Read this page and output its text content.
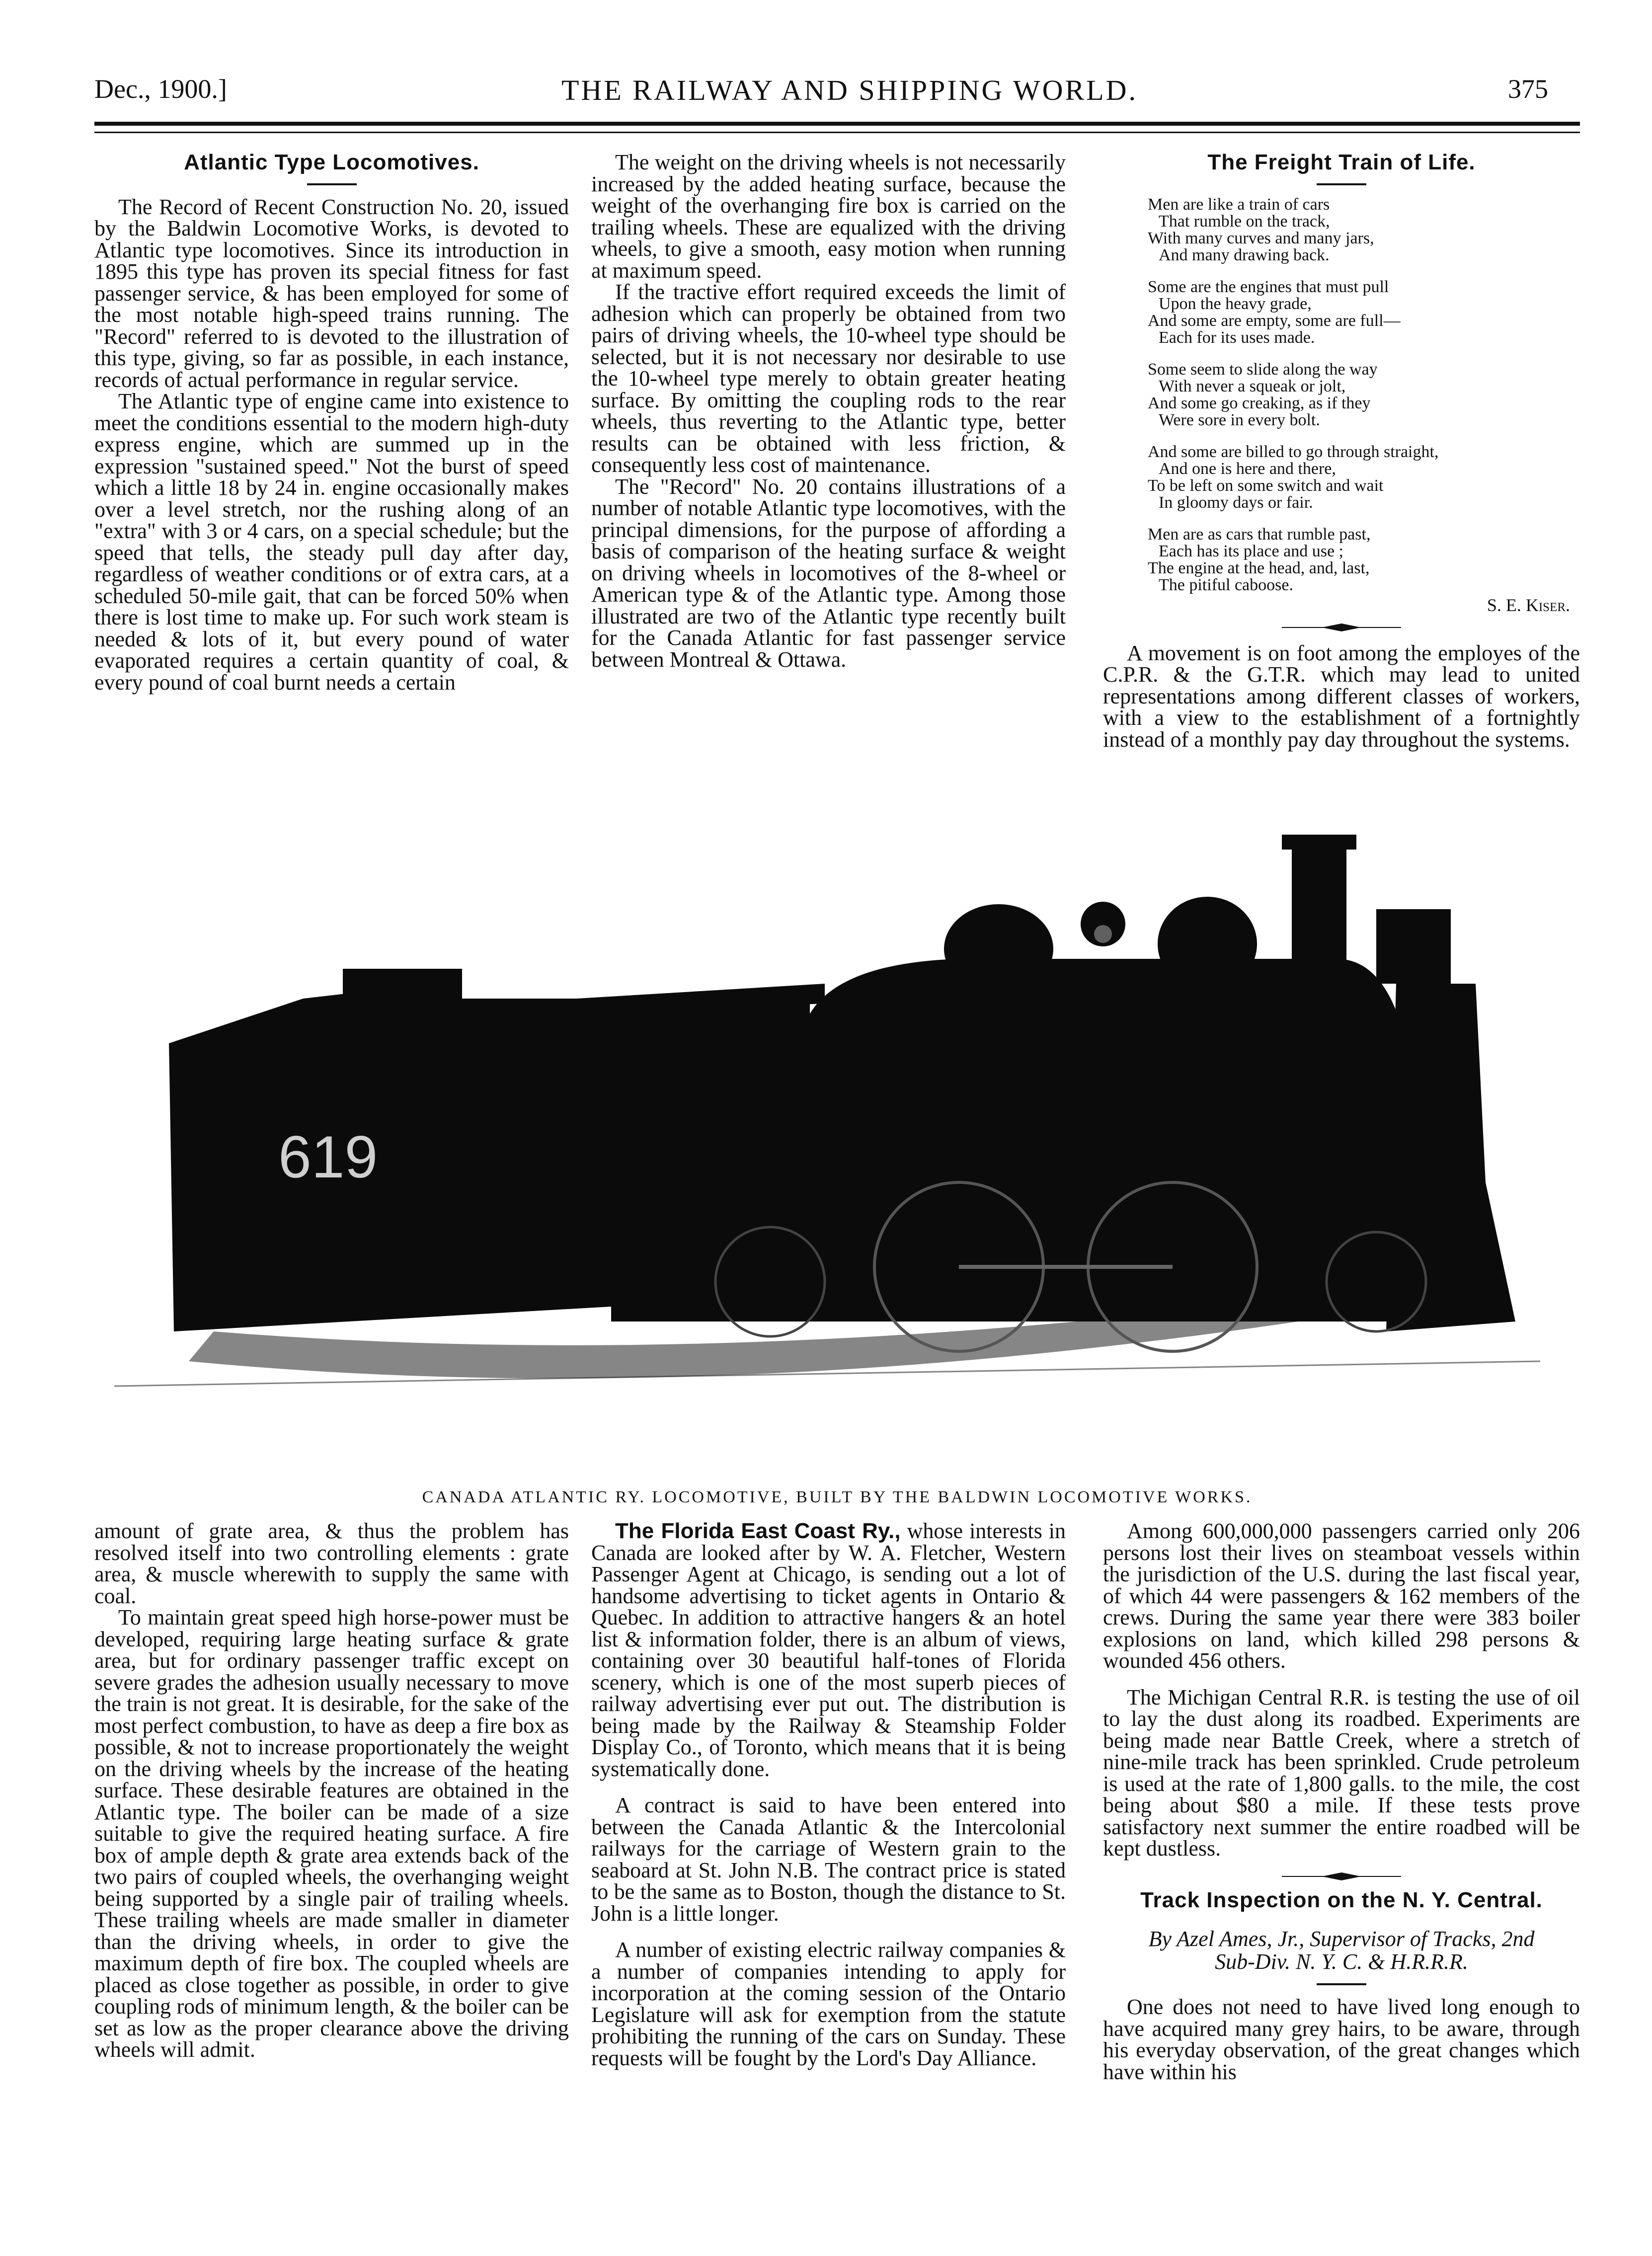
Dec., 1900.]	THE RAILWAY AND SHIPPING WORLD.	375
Atlantic Type Locomotives.

The Record of Recent Construction No. 20, issued by the Baldwin Locomotive Works, is devoted to Atlantic type locomotives. Since its introduction in 1895 this type has proven its special fitness for fast passenger service, & has been employed for some of the most notable high-speed trains running. The "Record" referred to is devoted to the illustration of this type, giving, so far as possible, in each instance, records of actual performance in regular service.

The Atlantic type of engine came into existence to meet the conditions essential to the modern high-duty express engine, which are summed up in the expression "sustained speed." Not the burst of speed which a little 18 by 24 in. engine occasionally makes over a level stretch, nor the rushing along of an "extra" with 3 or 4 cars, on a special schedule; but the speed that tells, the steady pull day after day, regardless of weather conditions or of extra cars, at a scheduled 50-mile gait, that can be forced 50% when there is lost time to make up. For such work steam is needed & lots of it, but every pound of water evaporated requires a certain quantity of coal, & every pound of coal burnt needs a certain

The weight on the driving wheels is not necessarily increased by the added heating surface, because the weight of the overhanging fire box is carried on the trailing wheels. These are equalized with the driving wheels, to give a smooth, easy motion when running at maximum speed.

If the tractive effort required exceeds the limit of adhesion which can properly be obtained from two pairs of driving wheels, the 10-wheel type should be selected, but it is not necessary nor desirable to use the 10-wheel type merely to obtain greater heating surface. By omitting the coupling rods to the rear wheels, thus reverting to the Atlantic type, better results can be obtained with less friction, & consequently less cost of maintenance.

The "Record" No. 20 contains illustrations of a number of notable Atlantic type locomotives, with the principal dimensions, for the purpose of affording a basis of comparison of the heating surface & weight on driving wheels in locomotives of the 8-wheel or American type & of the Atlantic type. Among those illustrated are two of the Atlantic type recently built for the Canada Atlantic for fast passenger service between Montreal & Ottawa.

The Freight Train of Life.
Men are like a train of cars
That rumble on the track,
With many curves and many jars,
And many drawing back.
Some are the engines that must pull
Upon the heavy grade,
And some are empty, some are full—
Each for its uses made.
Some seem to slide along the way
With never a squeak or jolt,
And some go creaking, as if they
Were sore in every bolt.
And some are billed to go through straight,
And one is here and there,
To be left on some switch and wait
In gloomy days or fair.
Men are as cars that rumble past,
Each has its place and use ;
The engine at the head, and, last,
The pitiful caboose.
S. E. Kiser.

A movement is on foot among the employes of the C.P.R. & the G.T.R. which may lead to united representations among different classes of workers, with a view to the establishment of a fortnightly instead of a monthly pay day throughout the systems.

619
CANADA ATLANTIC RY. LOCOMOTIVE, BUILT BY THE BALDWIN LOCOMOTIVE WORKS.

amount of grate area, & thus the problem has resolved itself into two controlling elements : grate area, & muscle wherewith to supply the same with coal.

To maintain great speed high horse-power must be developed, requiring large heating surface & grate area, but for ordinary passenger traffic except on severe grades the adhesion usually necessary to move the train is not great. It is desirable, for the sake of the most perfect combustion, to have as deep a fire box as possible, & not to increase proportionately the weight on the driving wheels by the increase of the heating surface. These desirable features are obtained in the Atlantic type. The boiler can be made of a size suitable to give the required heating surface. A fire box of ample depth & grate area extends back of the two pairs of coupled wheels, the overhanging weight being supported by a single pair of trailing wheels. These trailing wheels are made smaller in diameter than the driving wheels, in order to give the maximum depth of fire box. The coupled wheels are placed as close together as possible, in order to give coupling rods of minimum length, & the boiler can be set as low as the proper clearance above the driving wheels will admit.

The Florida East Coast Ry., whose interests in Canada are looked after by W. A. Fletcher, Western Passenger Agent at Chicago, is sending out a lot of handsome advertising to ticket agents in Ontario & Quebec. In addition to attractive hangers & an hotel list & information folder, there is an album of views, containing over 30 beautiful half-tones of Florida scenery, which is one of the most superb pieces of railway advertising ever put out. The distribution is being made by the Railway & Steamship Folder Display Co., of Toronto, which means that it is being systematically done.

A contract is said to have been entered into between the Canada Atlantic & the Intercolonial railways for the carriage of Western grain to the seaboard at St. John N.B. The contract price is stated to be the same as to Boston, though the distance to St. John is a little longer.

A number of existing electric railway companies & a number of companies intending to apply for incorporation at the coming session of the Ontario Legislature will ask for exemption from the statute prohibiting the running of the cars on Sunday. These requests will be fought by the Lord's Day Alliance.

Among 600,000,000 passengers carried only 206 persons lost their lives on steamboat vessels within the jurisdiction of the U.S. during the last fiscal year, of which 44 were passengers & 162 members of the crews. During the same year there were 383 boiler explosions on land, which killed 298 persons & wounded 456 others.

The Michigan Central R.R. is testing the use of oil to lay the dust along its roadbed. Experiments are being made near Battle Creek, where a stretch of nine-mile track has been sprinkled. Crude petroleum is used at the rate of 1,800 galls. to the mile, the cost being about $80 a mile. If these tests prove satisfactory next summer the entire roadbed will be kept dustless.

Track Inspection on the N. Y. Central.
By Azel Ames, Jr., Supervisor of Tracks, 2nd
Sub-Div. N. Y. C. & H.R.R.R.

One does not need to have lived long enough to have acquired many grey hairs, to be aware, through his everyday observation, of the great changes which have within his
